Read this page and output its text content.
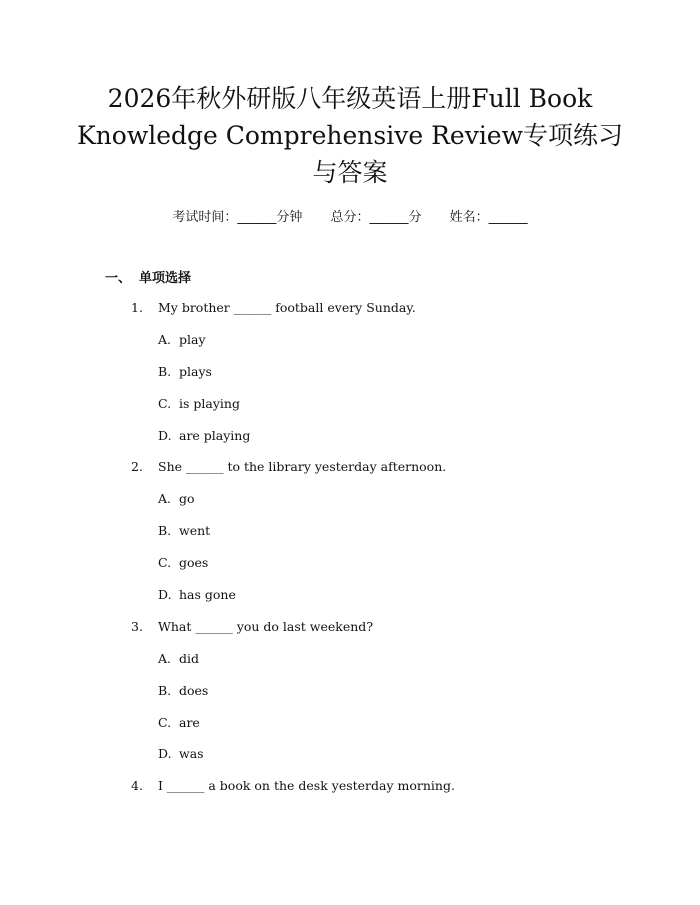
2026年秋外研版八年级英语上册Full Book
Knowledge Comprehensive Review专项练习
与答案
考试时间：______分钟 总分：______分 姓名：______
一、 单项选择
1. My brother ______ football every Sunday.
A. play
B. plays
C. is playing
D. are playing
2. She ______ to the library yesterday afternoon.
A. go
B. went
C. goes
D. has gone
3. What ______ you do last weekend?
A. did
B. does
C. are
D. was
4. I ______ a book on the desk yesterday morning.
